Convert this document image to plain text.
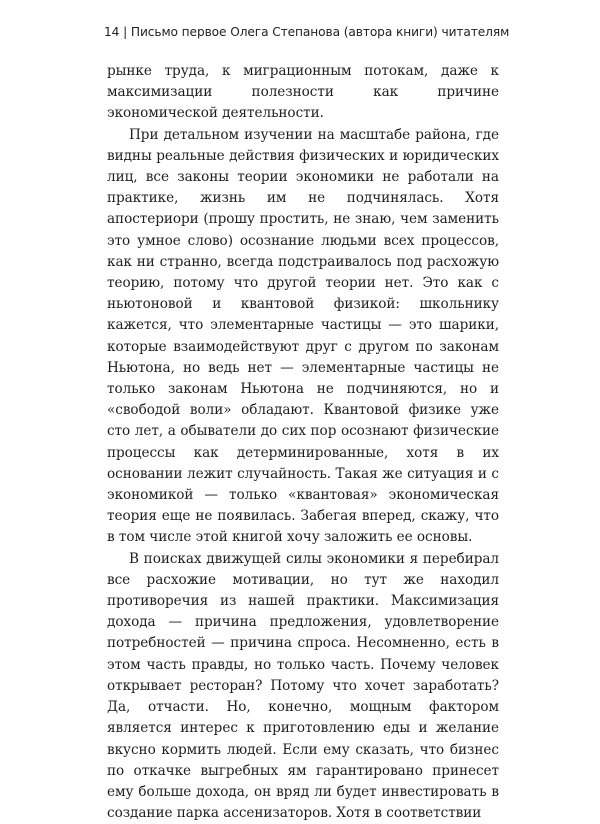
14 | Письмо первое Олега Степанова (автора книги) читателям

рынке труда, к миграционным потокам, даже к максимизации полезности как причине экономической деятельности.

При детальном изучении на масштабе района, где видны реальные действия физических и юридических лиц, все законы теории экономики не работали на практике, жизнь им не подчинялась. Хотя апостериори (прошу простить, не знаю, чем заменить это умное слово) осознание людьми всех процессов, как ни странно, всегда подстраивалось под расхожую теорию, потому что другой теории нет. Это как с ньютоновой и квантовой физикой: школьнику кажется, что элементарные частицы — это шарики, которые взаимодействуют друг с другом по законам Ньютона, но ведь нет — элементарные частицы не только законам Ньютона не подчиняются, но и «свободой воли» обладают. Квантовой физике уже сто лет, а обыватели до сих пор осознают физические процессы как детерминированные, хотя в их основании лежит случайность. Такая же ситуация и с экономикой — только «квантовая» экономическая теория еще не появилась. Забегая вперед, скажу, что в том числе этой книгой хочу заложить ее основы.

В поисках движущей силы экономики я перебирал все расхожие мотивации, но тут же находил противоречия из нашей практики. Максимизация дохода — причина предложения, удовлетворение потребностей — причина спроса. Несомненно, есть в этом часть правды, но только часть. Почему человек открывает ресторан? Потому что хочет заработать? Да, отчасти. Но, конечно, мощным фактором является интерес к приготовлению еды и желание вкусно кормить людей. Если ему сказать, что бизнес по откачке выгребных ям гарантировано принесет ему больше дохода, он вряд ли будет инвестировать в создание парка ассенизаторов. Хотя в соответствии
